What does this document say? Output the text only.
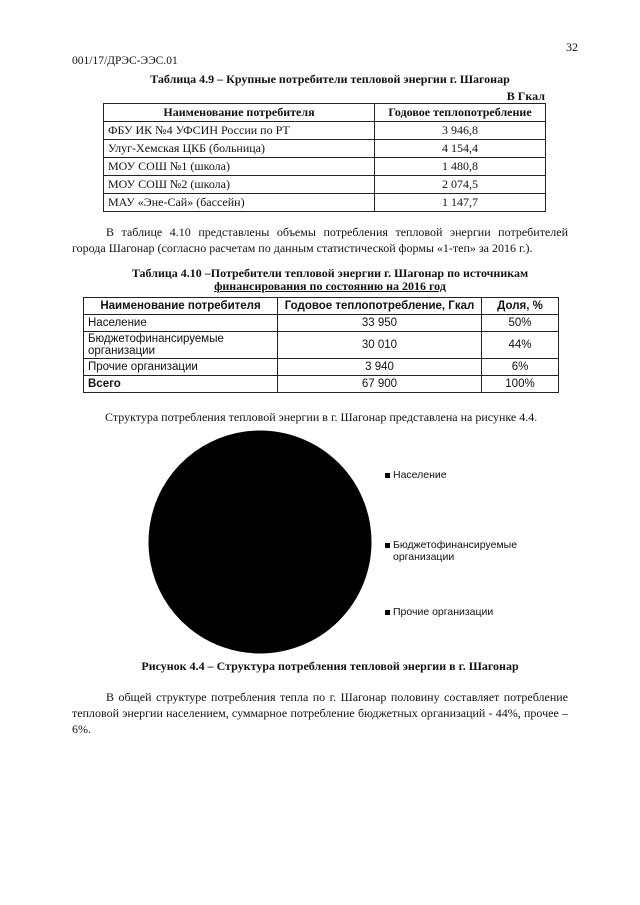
32
001/17/ДРЭС-ЭЭС.01
Таблица 4.9 – Крупные потребители тепловой энергии г. Шагонар
В Гкал
Наименование потребителя	Годовое теплопотребление
ФБУ ИК №4 УФСИН России по РТ	3 946,8
Улуг-Хемская ЦКБ (больница)	4 154,4
МОУ СОШ №1 (школа)	1 480,8
МОУ СОШ №2 (школа)	2 074,5
МАУ «Эне-Сай» (бассейн)	1 147,7
В таблице 4.10 представлены объемы потребления тепловой энергии потребителей города Шагонар (согласно расчетам по данным статистической формы «1-теп» за 2016 г.).
Таблица 4.10 –Потребители тепловой энергии г. Шагонар по источникам
финансирования по состоянию на 2016 год
Наименование потребителя	Годовое теплопотребление, Гкал	Доля, %
Население	33 950	50%
Бюджетофинансируемые организации	30 010	44%
Прочие организации	3 940	6%
Всего	67 900	100%
Структура потребления тепловой энергии в г. Шагонар представлена на рисунке 4.4.
Население
Бюджетофинансируемые
организации
Прочие организации
Рисунок 4.4 – Структура потребления тепловой энергии в г. Шагонар
В общей структуре потребления тепла по г. Шагонар половину составляет потребление тепловой энергии населением, суммарное потребление бюджетных организаций - 44%, прочее – 6%.
